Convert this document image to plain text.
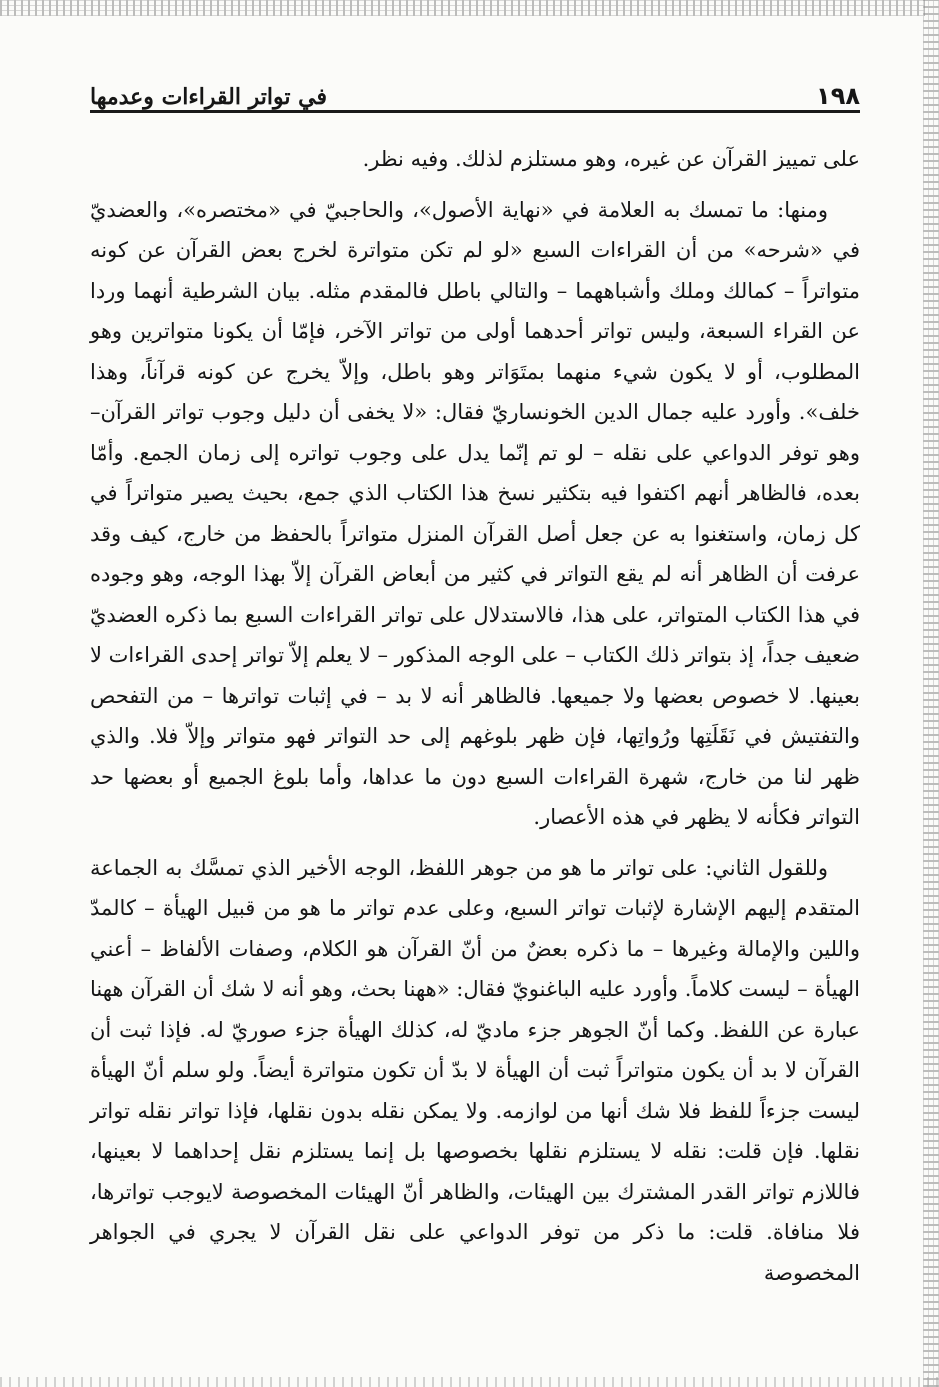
١٩٨
في تواتر القراءات وعدمها

على تمييز القرآن عن غيره، وهو مستلزم لذلك. وفيه نظر.

ومنها: ما تمسك به العلامة في «نهاية الأصول»، والحاجبيّ في «مختصره»، والعضديّ في «شرحه» من أن القراءات السبع «لو لم تكن متواترة لخرج بعض القرآن عن كونه متواتراً – كمالك وملك وأشباههما – والتالي باطل فالمقدم مثله. بيان الشرطية أنهما وردا عن القراء السبعة، وليس تواتر أحدهما أولى من تواتر الآخر، فإمّا أن يكونا متواترين وهو المطلوب، أو لا يكون شيء منهما بمتَوَاتر وهو باطل، وإلاّ يخرج عن كونه قرآناً، وهذا خلف». وأورد عليه جمال الدين الخونساريّ فقال: «لا يخفى أن دليل وجوب تواتر القرآن– وهو توفر الدواعي على نقله – لو تم إنّما يدل على وجوب تواتره إلى زمان الجمع. وأمّا بعده، فالظاهر أنهم اكتفوا فيه بتكثير نسخ هذا الكتاب الذي جمع، بحيث يصير متواتراً في كل زمان، واستغنوا به عن جعل أصل القرآن المنزل متواتراً بالحفظ من خارج، كيف وقد عرفت أن الظاهر أنه لم يقع التواتر في كثير من أبعاض القرآن إلاّ بهذا الوجه، وهو وجوده في هذا الكتاب المتواتر، على هذا، فالاستدلال على تواتر القراءات السبع بما ذكره العضديّ ضعيف جداً، إذ بتواتر ذلك الكتاب – على الوجه المذكور – لا يعلم إلاّ تواتر إحدى القراءات لا بعينها. لا خصوص بعضها ولا جميعها. فالظاهر أنه لا بد – في إثبات تواترها – من التفحص والتفتيش في نَقَلَتِها ورُواتِها، فإن ظهر بلوغهم إلى حد التواتر فهو متواتر وإلاّ فلا. والذي ظهر لنا من خارج، شهرة القراءات السبع دون ما عداها، وأما بلوغ الجميع أو بعضها حد التواتر فكأنه لا يظهر في هذه الأعصار.

وللقول الثاني: على تواتر ما هو من جوهر اللفظ، الوجه الأخير الذي تمسَّك به الجماعة المتقدم إليهم الإشارة لإثبات تواتر السبع، وعلى عدم تواتر ما هو من قبيل الهيأة – كالمدّ واللين والإمالة وغيرها – ما ذكره بعضٌ من أنّ القرآن هو الكلام، وصفات الألفاظ – أعني الهيأة – ليست كلاماً. وأورد عليه الباغنويّ فقال: «ههنا بحث، وهو أنه لا شك أن القرآن ههنا عبارة عن اللفظ. وكما أنّ الجوهر جزء ماديّ له، كذلك الهيأة جزء صوريّ له. فإذا ثبت أن القرآن لا بد أن يكون متواتراً ثبت أن الهيأة لا بدّ أن تكون متواترة أيضاً. ولو سلم أنّ الهيأة ليست جزءاً للفظ فلا شك أنها من لوازمه. ولا يمكن نقله بدون نقلها، فإذا تواتر نقله تواتر نقلها. فإن قلت: نقله لا يستلزم نقلها بخصوصها بل إنما يستلزم نقل إحداهما لا بعينها، فاللازم تواتر القدر المشترك بين الهيئات، والظاهر أنّ الهيئات المخصوصة لايوجب تواترها، فلا منافاة. قلت: ما ذكر من توفر الدواعي على نقل القرآن لا يجري في الجواهر المخصوصة
